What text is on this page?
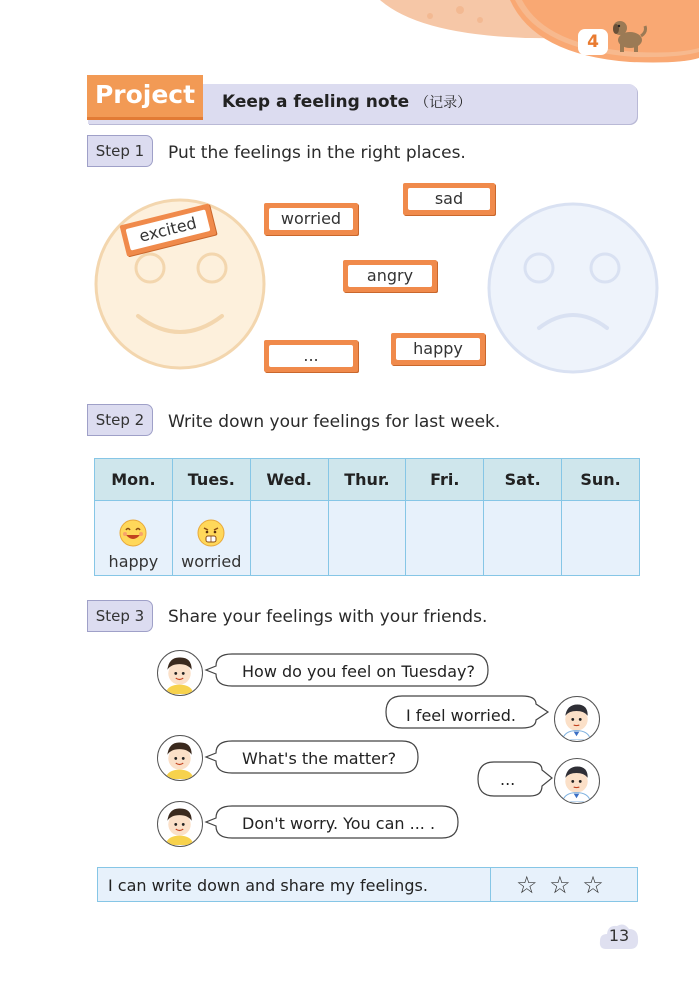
4
Project	Keep a feeling note （记录）
Step 1	Put the feelings in the right places.
excited	worried
sad
angry
...	happy
Step 2	Write down your feelings for last week.
Mon.	Tues.	Wed.	Thur.	Fri.	Sat.	Sun.

happy	worried					
Step 3	Share your feelings with your friends.
How do you feel on Tuesday?
I feel worried.
What's the matter?
...
Don't worry. You can ... .
I can write down and share my feelings.	☆ ☆ ☆
13
